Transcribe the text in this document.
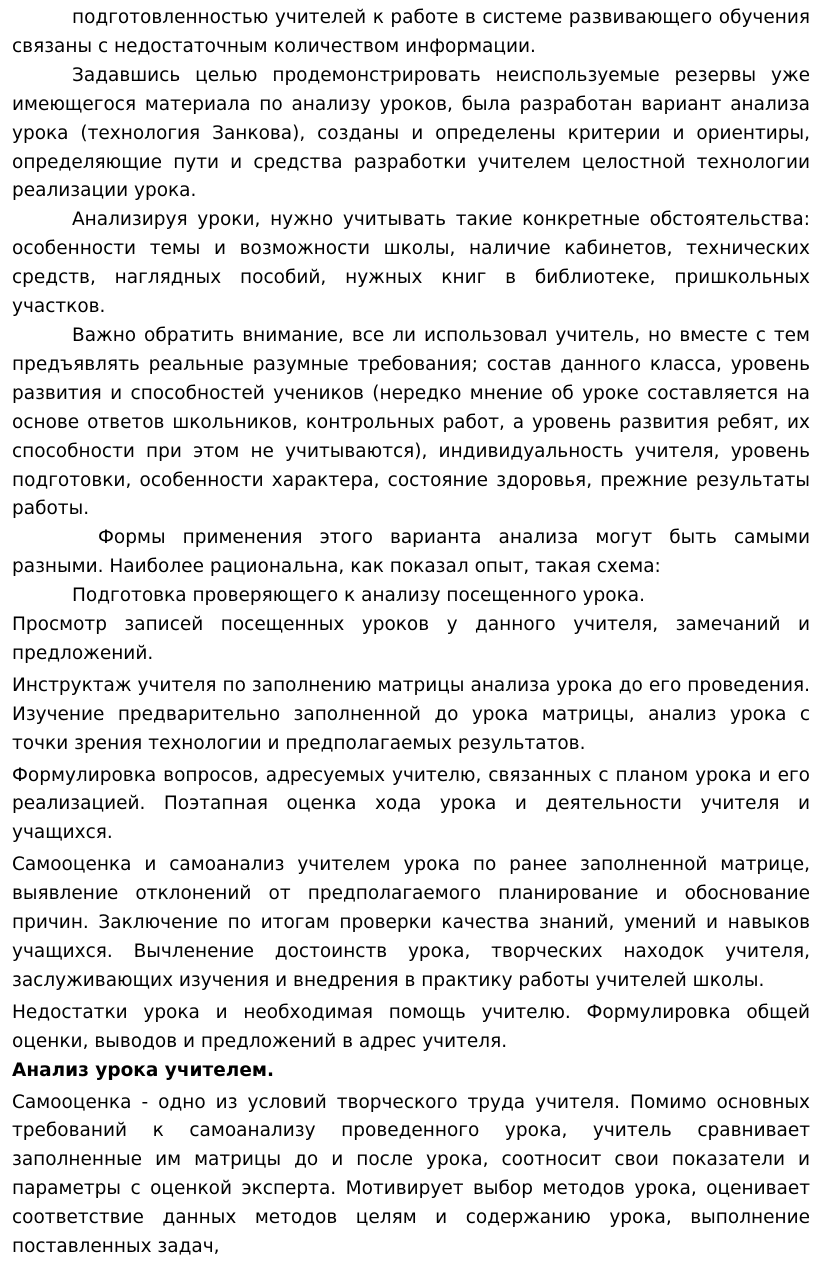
подготовленностью учителей к работе в системе развивающего обучения связаны с недостаточным количеством информации.

Задавшись целью продемонстрировать неиспользуемые резервы уже имеющегося материала по анализу уроков, была разработан вариант анализа урока (технология Занкова), созданы и определены критерии и ориентиры, определяющие пути и средства разработки учителем целостной технологии реализации урока.

Анализируя уроки, нужно учитывать такие конкретные обстоятельства: особенности темы и возможности школы, наличие кабинетов, технических средств, наглядных пособий, нужных книг в библиотеке, пришкольных участков.

Важно обратить внимание, все ли использовал учитель, но вместе с тем предъявлять реальные разумные требования; состав данного класса, уровень развития и способностей учеников (нередко мнение об уроке составляется на основе ответов школьников, контрольных работ, а уровень развития ребят, их способности при этом не учитываются), индивидуальность учителя, уровень подготовки, особенности характера, состояние здоровья, прежние результаты работы.

Формы применения этого варианта анализа могут быть самыми разными. Наиболее рациональна, как показал опыт, такая схема:

Подготовка проверяющего к анализу посещенного урока.

Просмотр записей посещенных уроков у данного учителя, замечаний и предложений.

Инструктаж учителя по заполнению матрицы анализа урока до его проведения. Изучение предварительно заполненной до урока матрицы, анализ урока с точки зрения технологии и предполагаемых результатов.

Формулировка вопросов, адресуемых учителю, связанных с планом урока и его реализацией. Поэтапная оценка хода урока и деятельности учителя и учащихся.

Самооценка и самоанализ учителем урока по ранее заполненной матрице, выявление отклонений от предполагаемого планирование и обоснование причин. Заключение по итогам проверки качества знаний, умений и навыков учащихся. Вычленение достоинств урока, творческих находок учителя, заслуживающих изучения и внедрения в практику работы учителей школы.

Недостатки урока и необходимая помощь учителю. Формулировка общей оценки, выводов и предложений в адрес учителя.

Анализ урока учителем.

Самооценка - одно из условий творческого труда учителя. Помимо основных требований к самоанализу проведенного урока, учитель сравнивает заполненные им матрицы до и после урока, соотносит свои показатели и параметры с оценкой эксперта. Мотивирует выбор методов урока, оценивает соответствие данных методов целям и содержанию урока, выполнение поставленных задач,
